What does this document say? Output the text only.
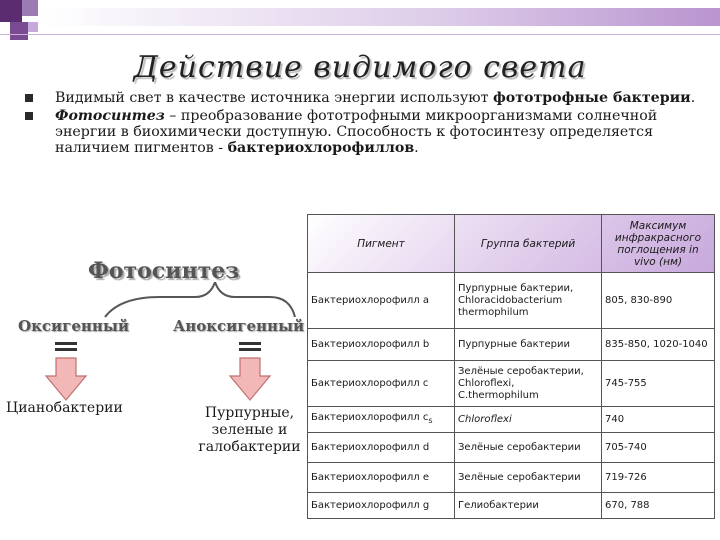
Действие видимого света
Видимый свет в качестве источника энергии используют фототрофные бактерии.
Фотосинтез – преобразование фототрофными микроорганизмами солнечной энергии в биохимически доступную. Способность к фотосинтезу определяется наличием пигментов - бактериохлорофиллов.
Фотосинтез
Оксигенный	Аноксигенный
Цианобактерии	Пурпурные,
зеленые и
галобактерии
Пигмент	Группа бактерий	Максимум инфракрасного поглощения in vivo (нм)
Бактериохлорофилл a	Пурпурные бактерии, Chloracidobacterium thermophilum	805, 830-890
Бактериохлорофилл b	Пурпурные бактерии	835-850, 1020-1040
Бактериохлорофилл c	Зелёные серобактерии, Chloroflexi, C.thermophilum	745-755
Бактериохлорофилл $c_s$	Chloroflexi	740
Бактериохлорофилл d	Зелёные серобактерии	705-740
Бактериохлорофилл e	Зелёные серобактерии	719-726
Бактериохлорофилл g	Гелиобактерии	670, 788
